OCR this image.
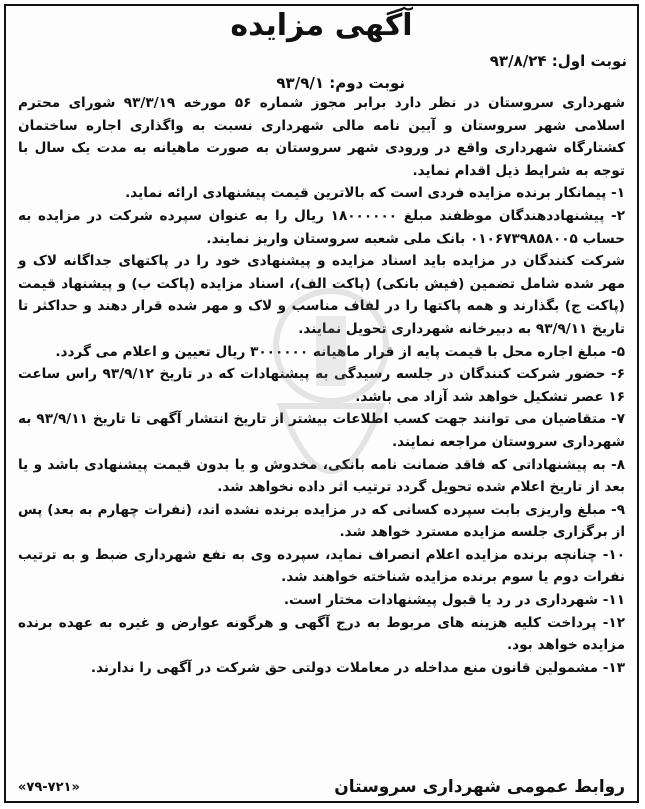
آگهی مزایده
نوبت اول: ۹۳/۸/۲۴
نوبت دوم: ۹۳/۹/۱

شهرداری سروستان در نظر دارد برابر مجوز شماره ۵۶ مورخه ۹۳/۳/۱۹ شورای محترم اسلامی شهر سروستان و آیین نامه مالی شهرداری نسبت به واگذاری اجاره ساختمان کشتارگاه شهرداری واقع در ورودی شهر سروستان به صورت ماهیانه به مدت یک سال با توجه به شرایط ذیل اقدام نماید.

۱- پیمانکار برنده مزایده فردی است که بالاترین قیمت پیشنهادی ارائه نماید.

۲- پیشنهاددهندگان موظفند مبلغ ۱۸۰۰۰۰۰۰ ریال را به عنوان سپرده شرکت در مزایده به حساب ۰۱۰۶۷۳۹۸۵۸۰۰۵ بانک ملی شعبه سروستان واریز نمایند.

شرکت کنندگان در مزایده باید اسناد مزایده و پیشنهادی خود را در پاکتهای جداگانه لاک و مهر شده شامل تضمین (فیش بانکی) (پاکت الف)، اسناد مزایده (پاکت ب) و پیشنهاد قیمت (پاکت ج) بگذارند و همه پاکتها را در لفاف مناسب و لاک و مهر شده قرار دهند و حداکثر تا تاریخ ۹۳/۹/۱۱ به دبیرخانه شهرداری تحویل نمایند.

۵- مبلغ اجاره محل با قیمت پایه از قرار ماهیانه ۳۰۰۰۰۰۰ ریال تعیین و اعلام می گردد.

۶- حضور شرکت کنندگان در جلسه رسیدگی به پیشنهادات که در تاریخ ۹۳/۹/۱۲ راس ساعت ۱۶ عصر تشکیل خواهد شد آزاد می باشد.

۷- متقاضیان می توانند جهت کسب اطلاعات بیشتر از تاریخ انتشار آگهی تا تاریخ ۹۳/۹/۱۱ به شهرداری سروستان مراجعه نمایند.

۸- به پیشنهاداتی که فاقد ضمانت نامه بانکی، مخدوش و یا بدون قیمت پیشنهادی باشد و یا بعد از تاریخ اعلام شده تحویل گردد ترتیب اثر داده نخواهد شد.

۹- مبلغ واریزی بابت سپرده کسانی که در مزایده برنده نشده اند، (نفرات چهارم به بعد) پس از برگزاری جلسه مزایده مسترد خواهد شد.

۱۰- چنانچه برنده مزایده اعلام انصراف نماید، سپرده وی به نفع شهرداری ضبط و به ترتیب نفرات دوم یا سوم برنده مزایده شناخته خواهند شد.

۱۱- شهرداری در رد یا قبول پیشنهادات مختار است.

۱۲- پرداخت کلیه هزینه های مربوط به درج آگهی و هرگونه عوارض و غیره به عهده برنده مزایده خواهد بود.

۱۳- مشمولین قانون منع مداخله در معاملات دولتی حق شرکت در آگهی را ندارند.

روابط عمومی شهرداری سروستان
«۷۹-۷۲۱»
